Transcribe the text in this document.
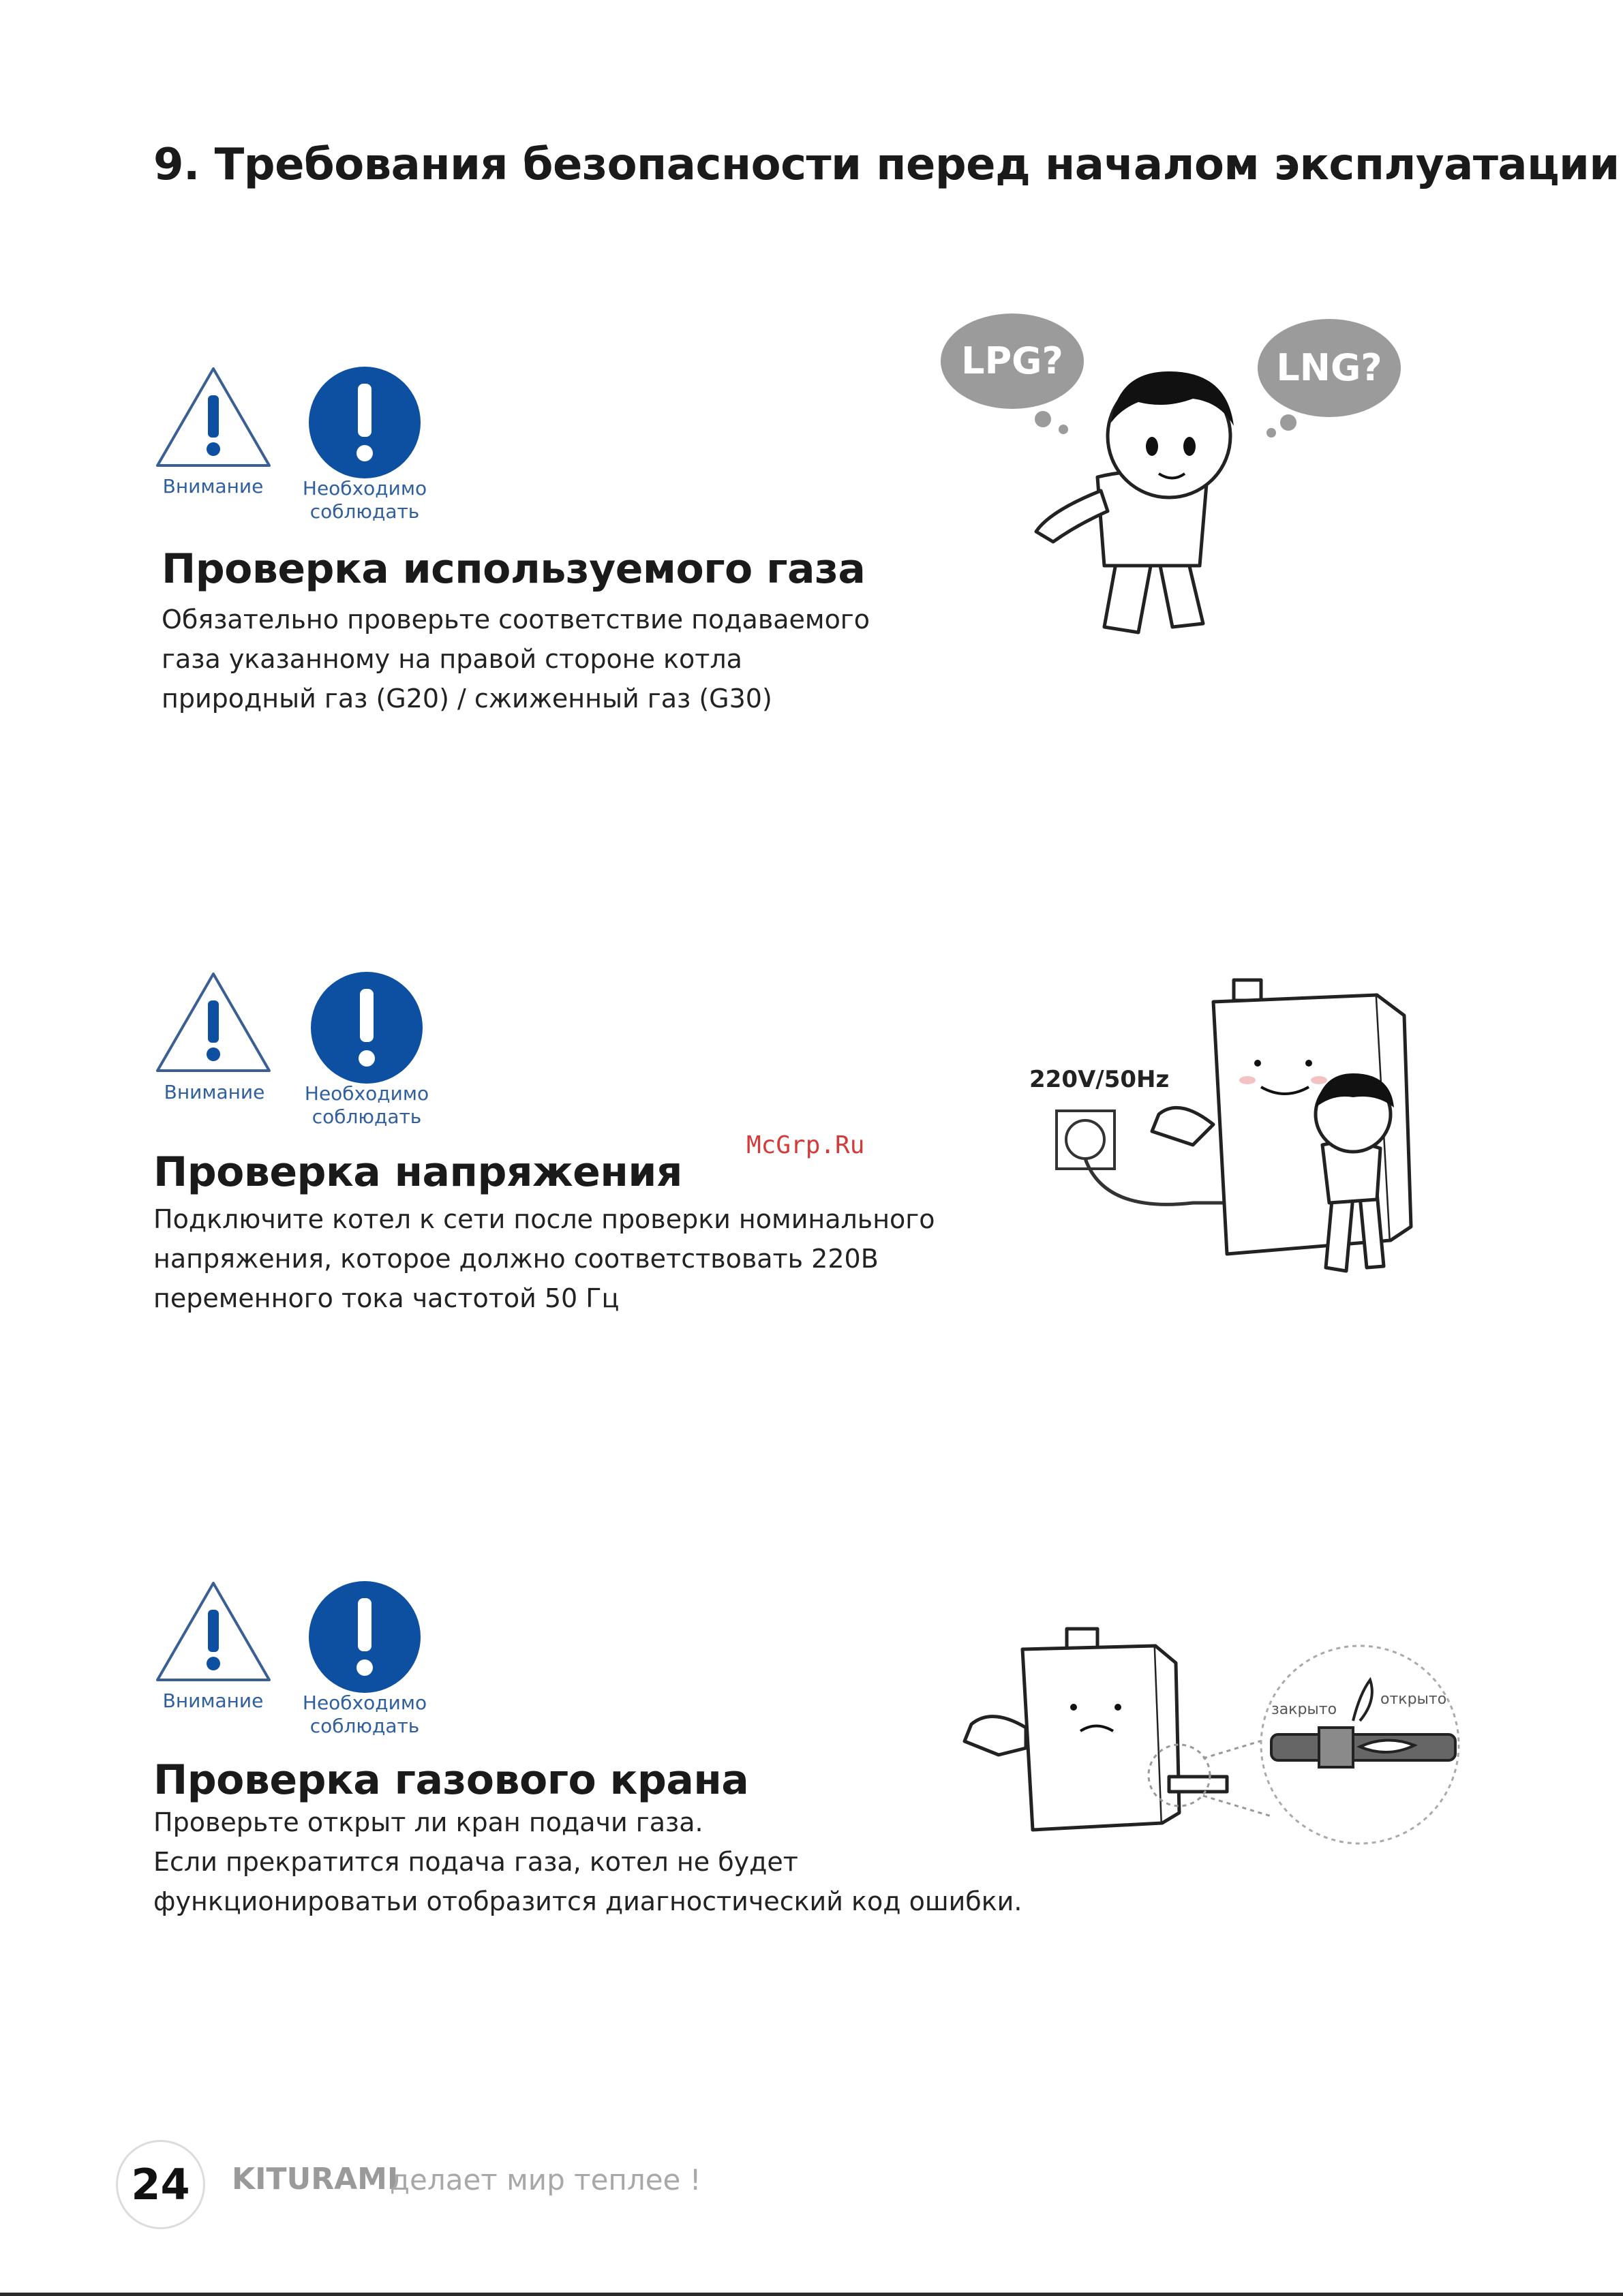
9. Требования безопасности перед началом эксплуатации
Внимание	Необходимо
соблюдать
Проверка используемого газа

Обязательно проверьте соответствие подаваемого

газа указанному на правой стороне котла

природный газ (G20) / сжиженный газ (G30)

LPG?	LNG?
Внимание	Необходимо
соблюдать
Проверка напряжения

Подключите котел к сети после проверки номинального

напряжения, которое должно соответствовать 220В

переменного тока частотой 50 Гц

220V/50Hz
Внимание	Необходимо
соблюдать
Проверка газового крана

Проверьте открыт ли кран подачи газа.

Если прекратится подача газа, котел не будет

функционироватьи отобразится диагностический код ошибки.

закрыто
открыто
McGrp.Ru
24	KITURAMI
делает мир теплее !
